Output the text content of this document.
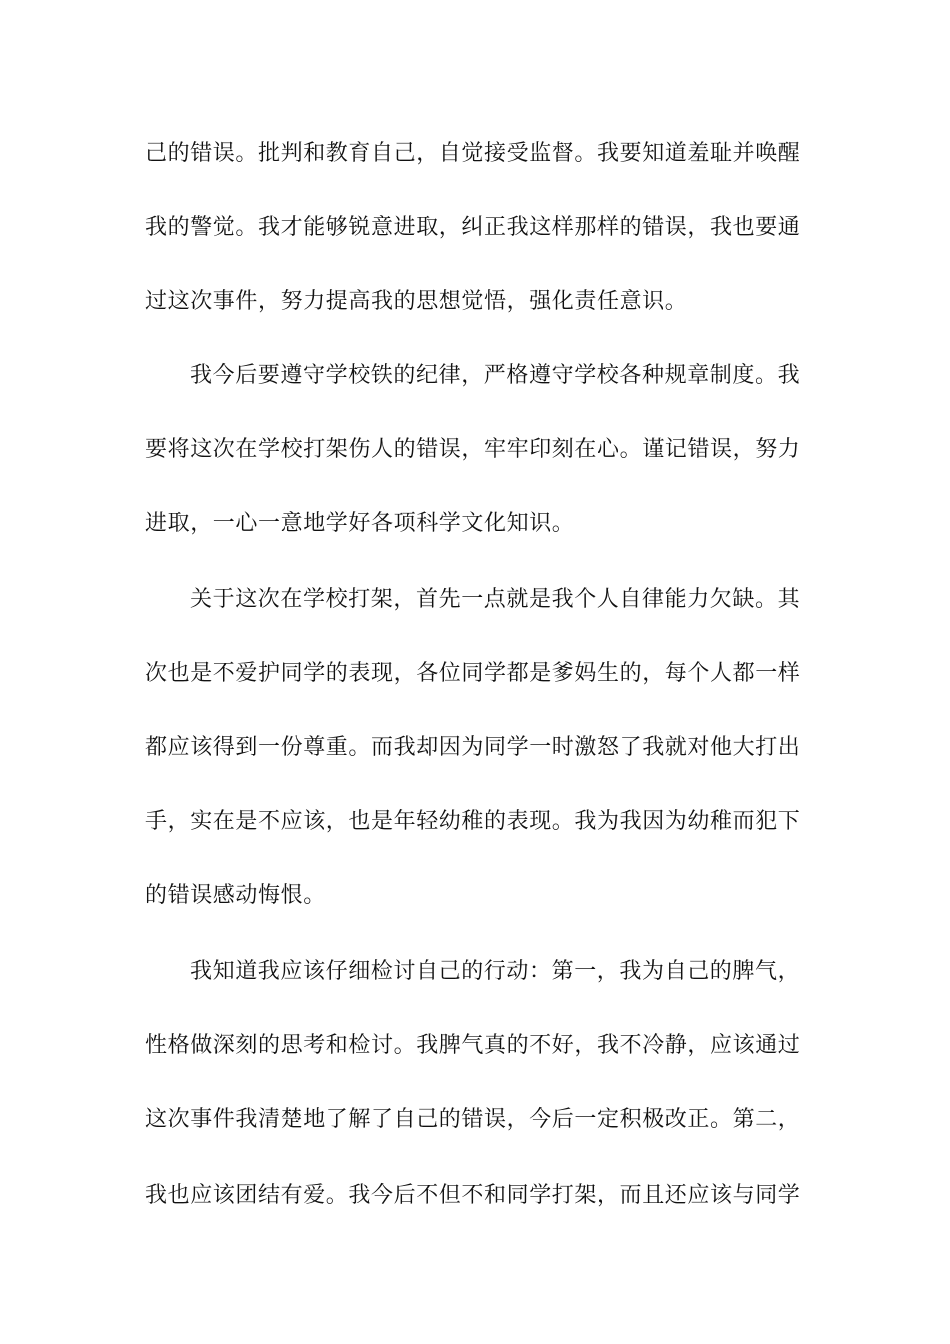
己的错误。批判和教育自己，自觉接受监督。我要知道羞耻并唤醒
我的警觉。我才能够锐意进取，纠正我这样那样的错误，我也要通
过这次事件，努力提高我的思想觉悟，强化责任意识。
我今后要遵守学校铁的纪律，严格遵守学校各种规章制度。我
要将这次在学校打架伤人的错误，牢牢印刻在心。谨记错误，努力
进取，一心一意地学好各项科学文化知识。
关于这次在学校打架，首先一点就是我个人自律能力欠缺。其
次也是不爱护同学的表现，各位同学都是爹妈生的，每个人都一样
都应该得到一份尊重。而我却因为同学一时激怒了我就对他大打出
手，实在是不应该，也是年轻幼稚的表现。我为我因为幼稚而犯下
的错误感动悔恨。
我知道我应该仔细检讨自己的行动：第一，我为自己的脾气，
性格做深刻的思考和检讨。我脾气真的不好，我不冷静，应该通过
这次事件我清楚地了解了自己的错误，今后一定积极改正。第二，
我也应该团结有爱。我今后不但不和同学打架，而且还应该与同学
